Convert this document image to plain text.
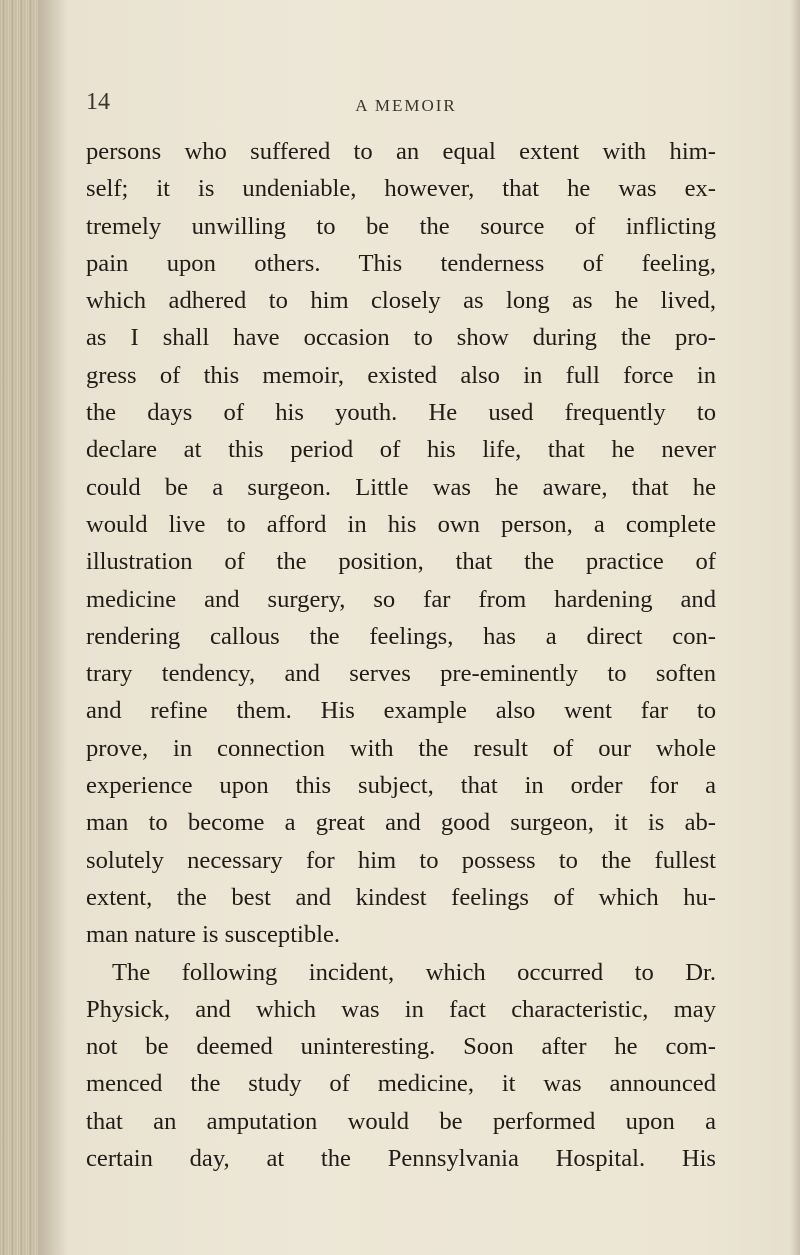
14	A MEMOIR
persons who suffered to an equal extent with him-
self; it is undeniable, however, that he was ex-
tremely unwilling to be the source of inflicting
pain upon others. This tenderness of feeling,
which adhered to him closely as long as he lived,
as I shall have occasion to show during the pro-
gress of this memoir, existed also in full force in
the days of his youth. He used frequently to
declare at this period of his life, that he never
could be a surgeon. Little was he aware, that he
would live to afford in his own person, a complete
illustration of the position, that the practice of
medicine and surgery, so far from hardening and
rendering callous the feelings, has a direct con-
trary tendency, and serves pre-eminently to soften
and refine them. His example also went far to
prove, in connection with the result of our whole
experience upon this subject, that in order for a
man to become a great and good surgeon, it is ab-
solutely necessary for him to possess to the fullest
extent, the best and kindest feelings of which hu-
man nature is susceptible.
The following incident, which occurred to Dr.
Physick, and which was in fact characteristic, may
not be deemed uninteresting. Soon after he com-
menced the study of medicine, it was announced
that an amputation would be performed upon a
certain day, at the Pennsylvania Hospital. His
